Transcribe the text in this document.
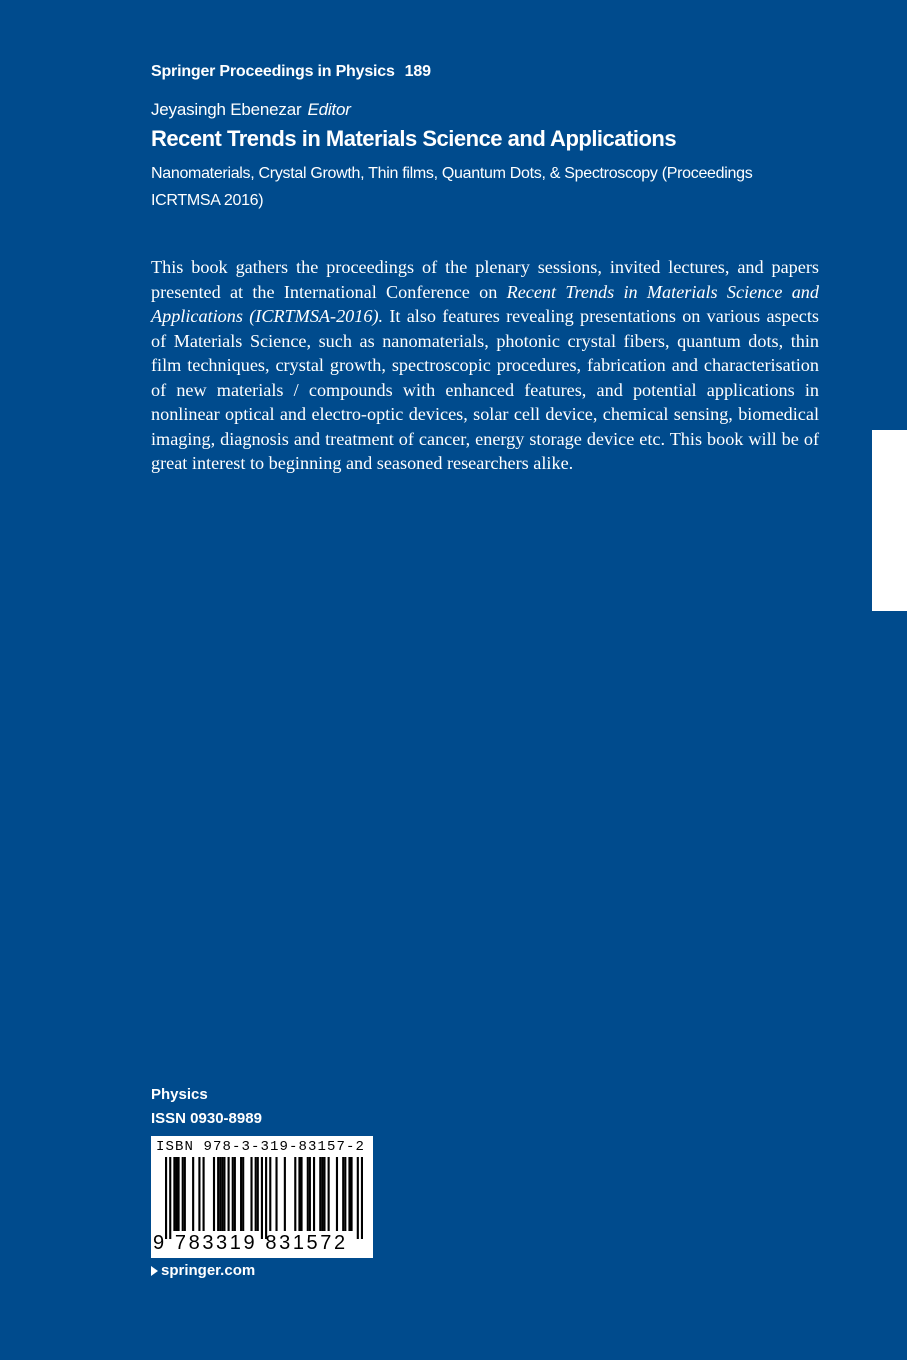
Springer Proceedings in Physics 189
Jeyasingh Ebenezar Editor
Recent Trends in Materials Science and Applications
Nanomaterials, Crystal Growth, Thin films, Quantum Dots, & Spectroscopy (Proceedings ICRTMSA 2016)
This book gathers the proceedings of the plenary sessions, invited lectures, and papers presented at the International Conference on Recent Trends in Materials Science and Applications (ICRTMSA-2016). It also features revealing presentations on various aspects of Materials Science, such as nanomaterials, photonic crystal fibers, quantum dots, thin film techniques, crystal growth, spectroscopic procedures, fabrication and characterisation of new materials / compounds with enhanced features, and potential applications in nonlinear optical and electro-optic devices, solar cell device, chemical sensing, biomedical imaging, diagnosis and treatment of cancer, energy storage device etc. This book will be of great interest to beginning and seasoned researchers alike.
Physics
ISSN 0930-8989
ISBN 978-3-319-83157-2
9 783319 831572
springer.com
